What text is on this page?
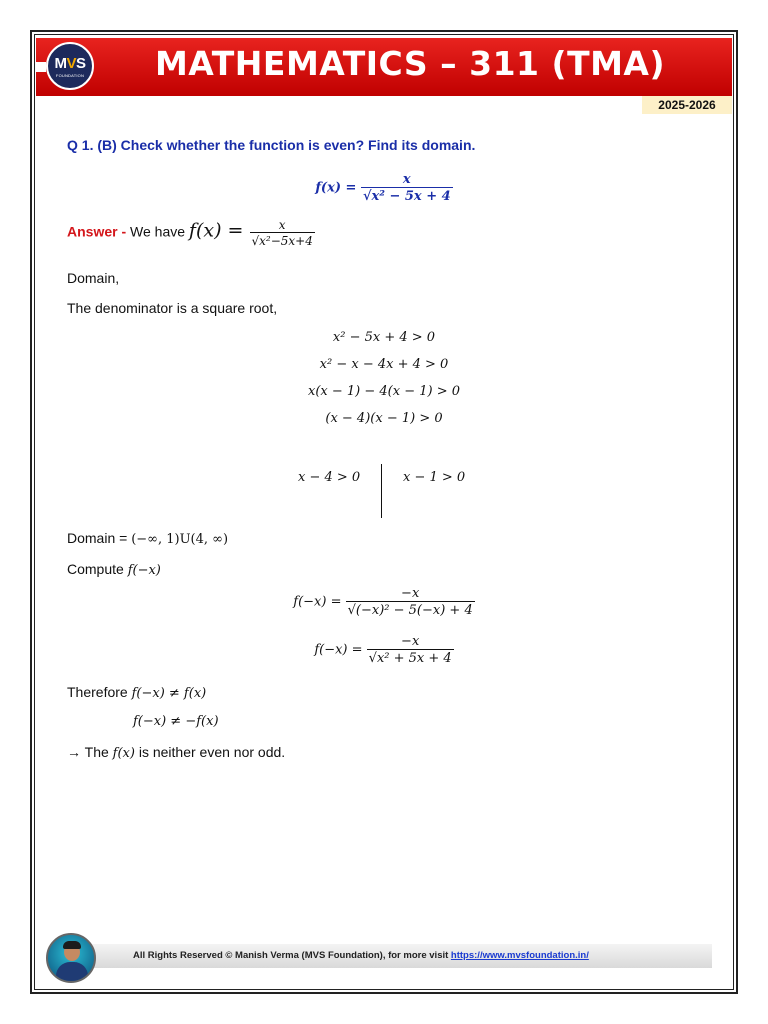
MVS
FOUNDATION	MATHEMATICS – 311 (TMA)
2025-2026
Q 1. (B) Check whether the function is even? Find its domain.
$f(x) = \frac{x}{\text{√x² − 5x + 4}}$
Answer - We have $f(x) = \frac{x}{\text{√x²−5x+4}}$
Domain,
The denominator is a square root,
x² − 5x + 4 > 0
x² − x − 4x + 4 > 0
x(x − 1) − 4(x − 1) > 0
(x − 4)(x − 1) > 0
x − 4 > 0	x − 1 > 0
Domain = (−∞, 1)U(4, ∞)
Compute f(−x)
$f(-x) = \frac{-x}{\text{√(−x)² − 5(−x) + 4}}$
$f(-x) = \frac{-x}{\text{√x² + 5x + 4}}$
Therefore f(−x) ≠ f(x)
f(−x) ≠ −f(x)
→ The f(x) is neither even nor odd.
All Rights Reserved © Manish Verma (MVS Foundation), for more visit https://www.mvsfoundation.in/
